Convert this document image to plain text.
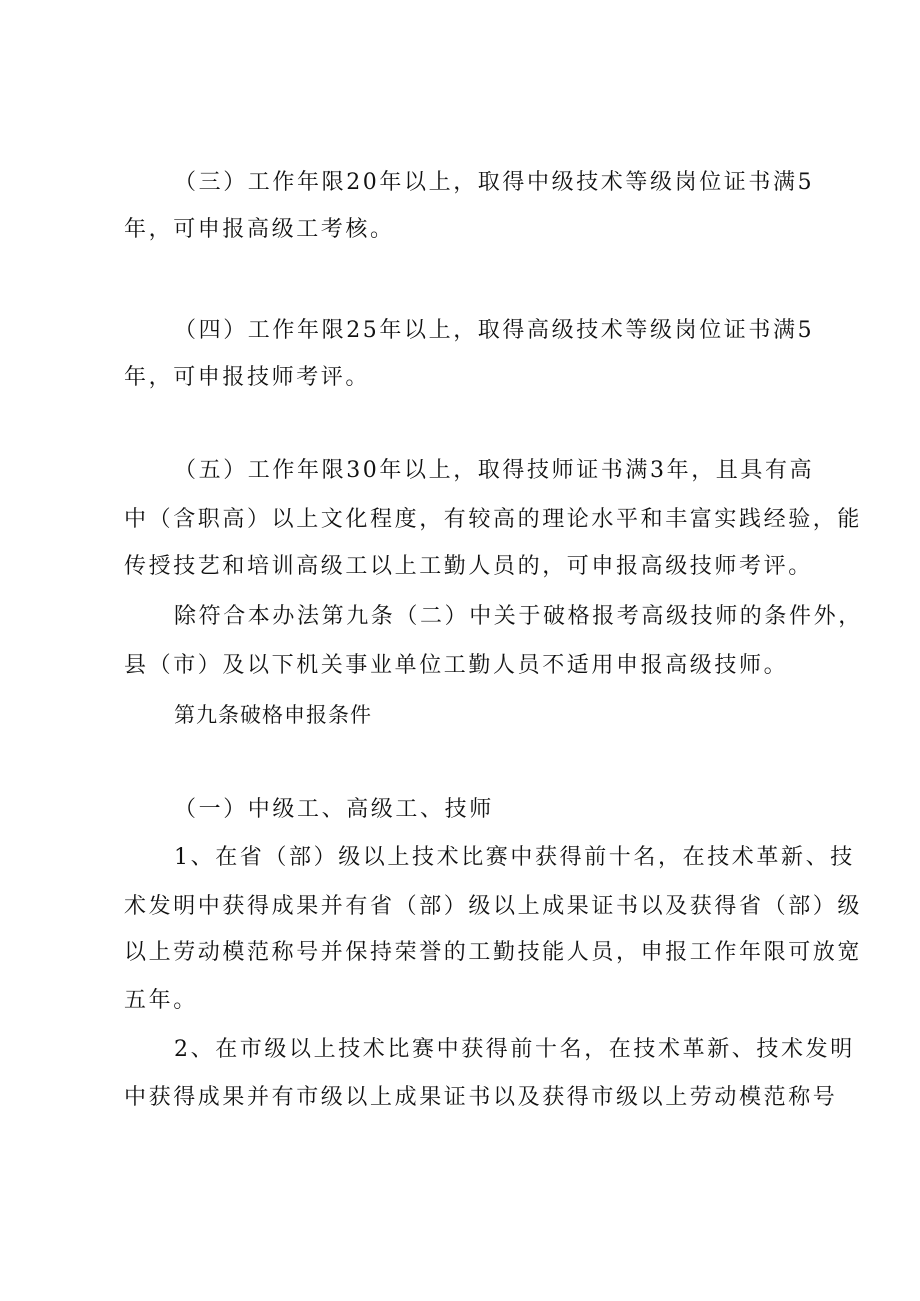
（三）工作年限20年以上，取得中级技术等级岗位证书满5
年，可申报高级工考核。
（四）工作年限25年以上，取得高级技术等级岗位证书满5
年，可申报技师考评。
（五）工作年限30年以上，取得技师证书满3年，且具有高
中（含职高）以上文化程度，有较高的理论水平和丰富实践经验，能
传授技艺和培训高级工以上工勤人员的，可申报高级技师考评。
除符合本办法第九条（二）中关于破格报考高级技师的条件外，
县（市）及以下机关事业单位工勤人员不适用申报高级技师。
第九条破格申报条件
（一）中级工、高级工、技师
1、在省（部）级以上技术比赛中获得前十名，在技术革新、技
术发明中获得成果并有省（部）级以上成果证书以及获得省（部）级
以上劳动模范称号并保持荣誉的工勤技能人员，申报工作年限可放宽
五年。
2、在市级以上技术比赛中获得前十名，在技术革新、技术发明
中获得成果并有市级以上成果证书以及获得市级以上劳动模范称号
